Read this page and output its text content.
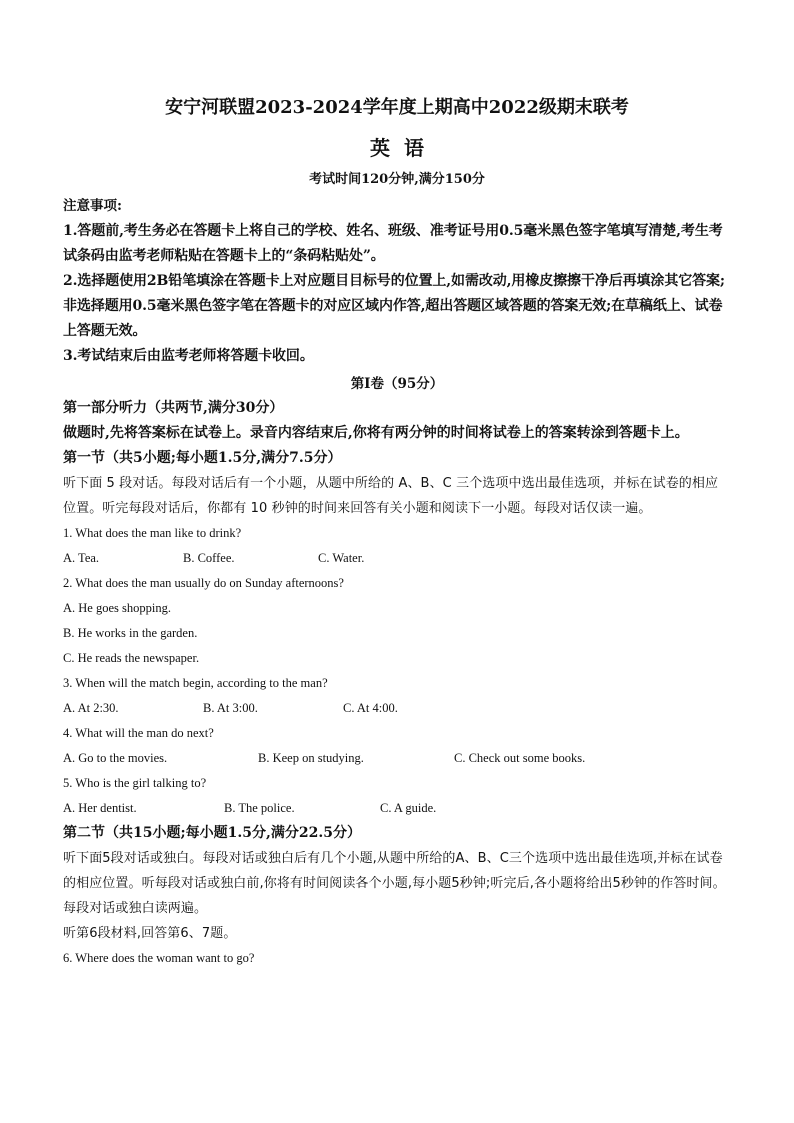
安宁河联盟2023-2024学年度上期高中2022级期末联考
英语
考试时间120分钟,满分150分
注意事项:
1.答题前,考生务必在答题卡上将自己的学校、姓名、班级、准考证号用0.5毫米黑色签字笔填写清楚,考生考试条码由监考老师粘贴在答题卡上的“条码粘贴处”。
2.选择题使用2B铅笔填涂在答题卡上对应题目目标号的位置上,如需改动,用橡皮擦擦干净后再填涂其它答案;非选择题用0.5毫米黑色签字笔在答题卡的对应区域内作答,超出答题区域答题的答案无效;在草稿纸上、试卷上答题无效。
3.考试结束后由监考老师将答题卡收回。
第I卷（95分）
第一部分听力（共两节,满分30分）
做题时,先将答案标在试卷上。录音内容结束后,你将有两分钟的时间将试卷上的答案转涂到答题卡上。
第一节（共5小题;每小题1.5分,满分7.5分）
听下面 5 段对话。每段对话后有一个小题，从题中所给的 A、B、C 三个选项中选出最佳选项，并标在试卷的相应位置。听完每段对话后，你都有 10 秒钟的时间来回答有关小题和阅读下一小题。每段对话仅读一遍。
1. What does the man like to drink?
A. Tea.	B. Coffee.	C. Water.
2. What does the man usually do on Sunday afternoons?
A. He goes shopping.
B. He works in the garden.
C. He reads the newspaper.
3. When will the match begin, according to the man?
A. At 2:30.	B. At 3:00.	C. At 4:00.
4. What will the man do next?
A. Go to the movies.	B. Keep on studying.	C. Check out some books.
5. Who is the girl talking to?
A. Her dentist.	B. The police.	C. A guide.
第二节（共15小题;每小题1.5分,满分22.5分）
听下面5段对话或独白。每段对话或独白后有几个小题,从题中所给的A、B、C三个选项中选出最佳选项,并标在试卷的相应位置。听每段对话或独白前,你将有时间阅读各个小题,每小题5秒钟;听完后,各小题将给出5秒钟的作答时间。每段对话或独白读两遍。
听第6段材料,回答第6、7题。
6. Where does the woman want to go?
